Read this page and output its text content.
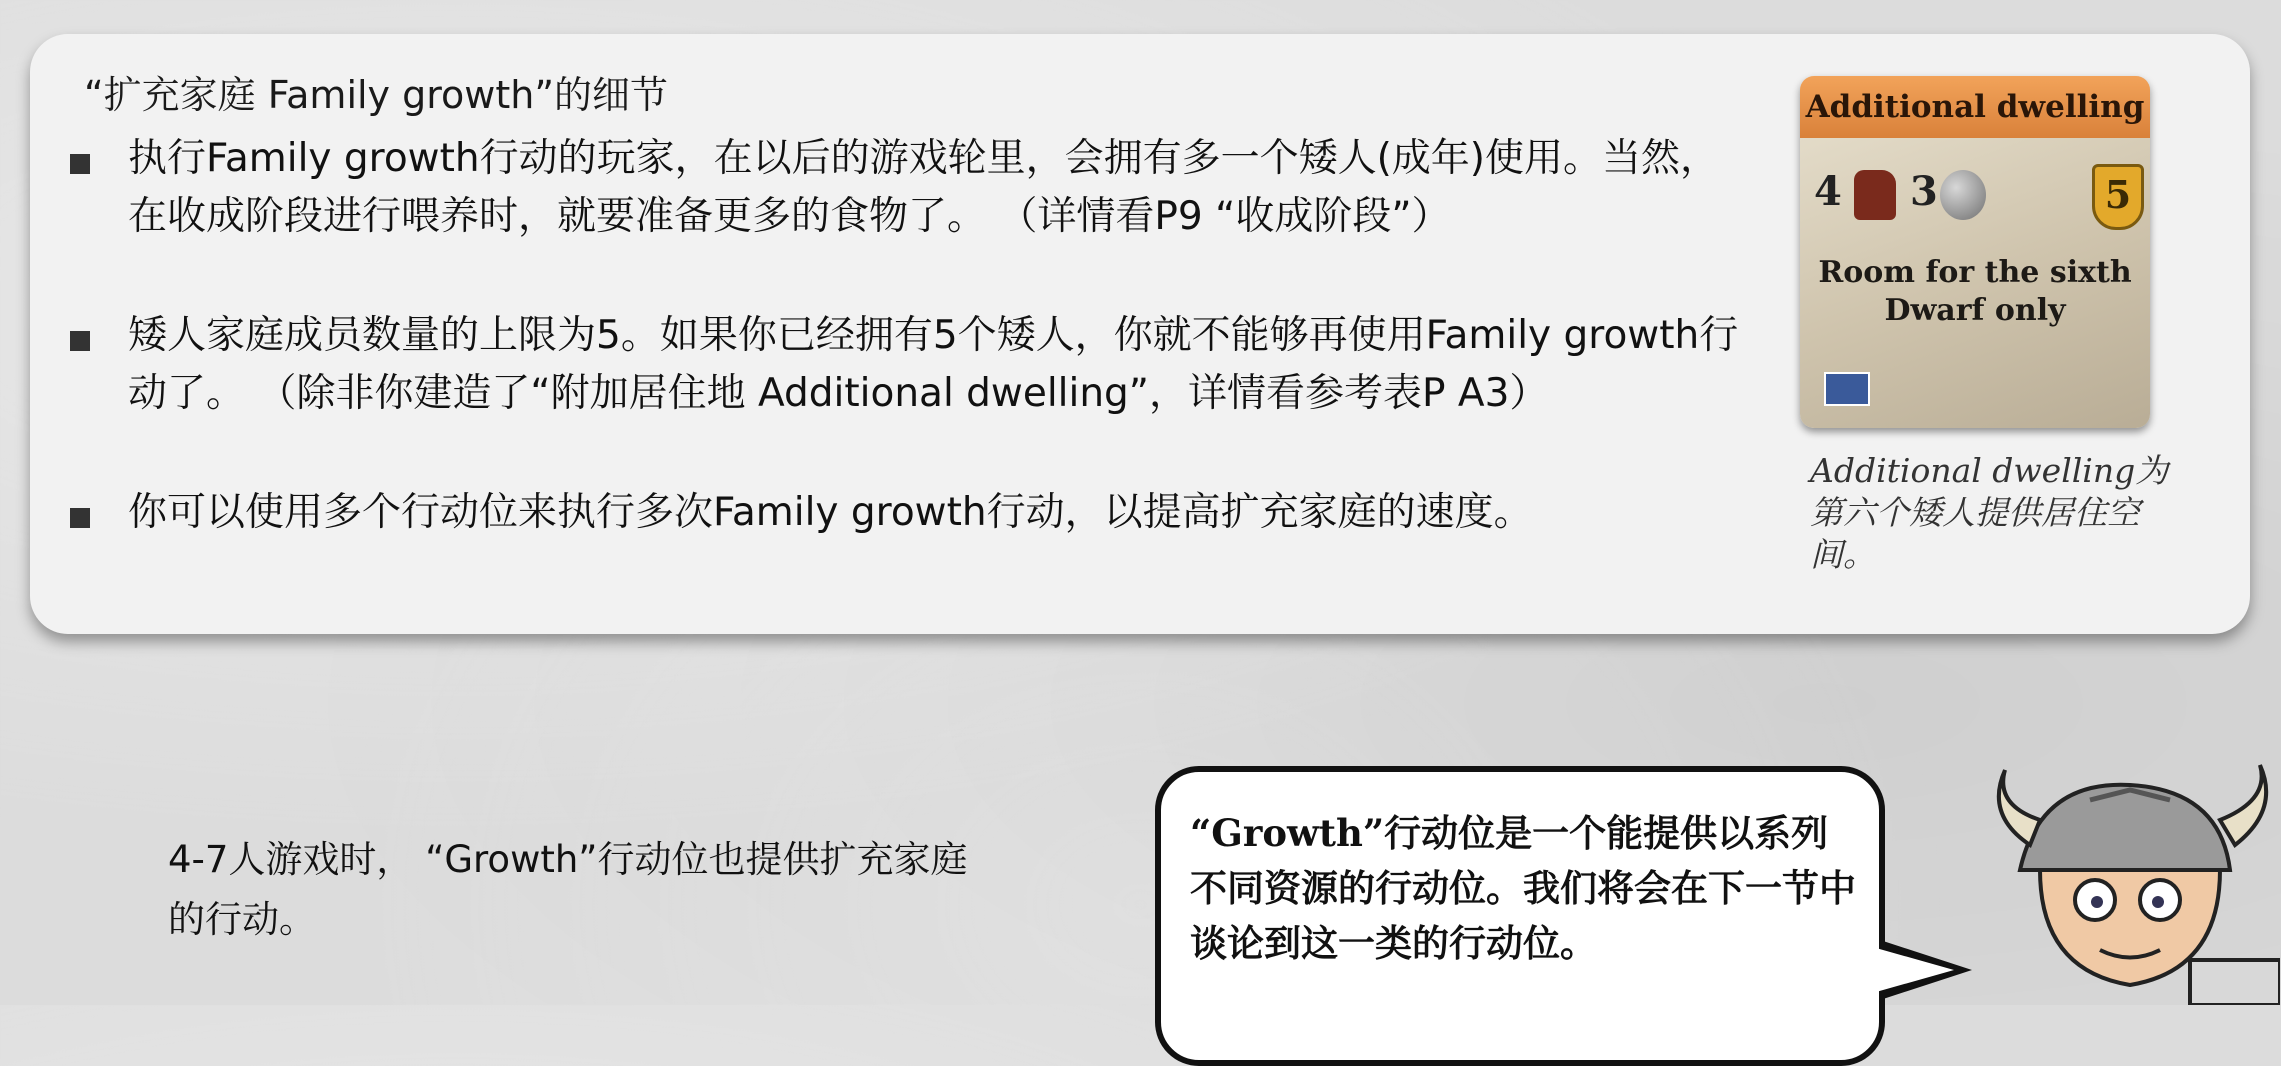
“扩充家庭 Family growth”的细节
执行Family growth行动的玩家，在以后的游戏轮里，会拥有多一个矮人(成年)使用。当然，在收成阶段进行喂养时，就要准备更多的食物了。 （详情看P9 “收成阶段”）
矮人家庭成员数量的上限为5。如果你已经拥有5个矮人，你就不能够再使用Family growth行动了。 （除非你建造了“附加居住地 Additional dwelling”，详情看参考表P A3）
你可以使用多个行动位来执行多次Family growth行动，以提高扩充家庭的速度。
Additional dwelling
4 3	5
Room for the sixth Dwarf only
Additional dwelling为第六个矮人提供居住空间。
4-7人游戏时， “Growth”行动位也提供扩充家庭的行动。
“Growth”行动位是一个能提供以系列不同资源的行动位。我们将会在下一节中谈论到这一类的行动位。
